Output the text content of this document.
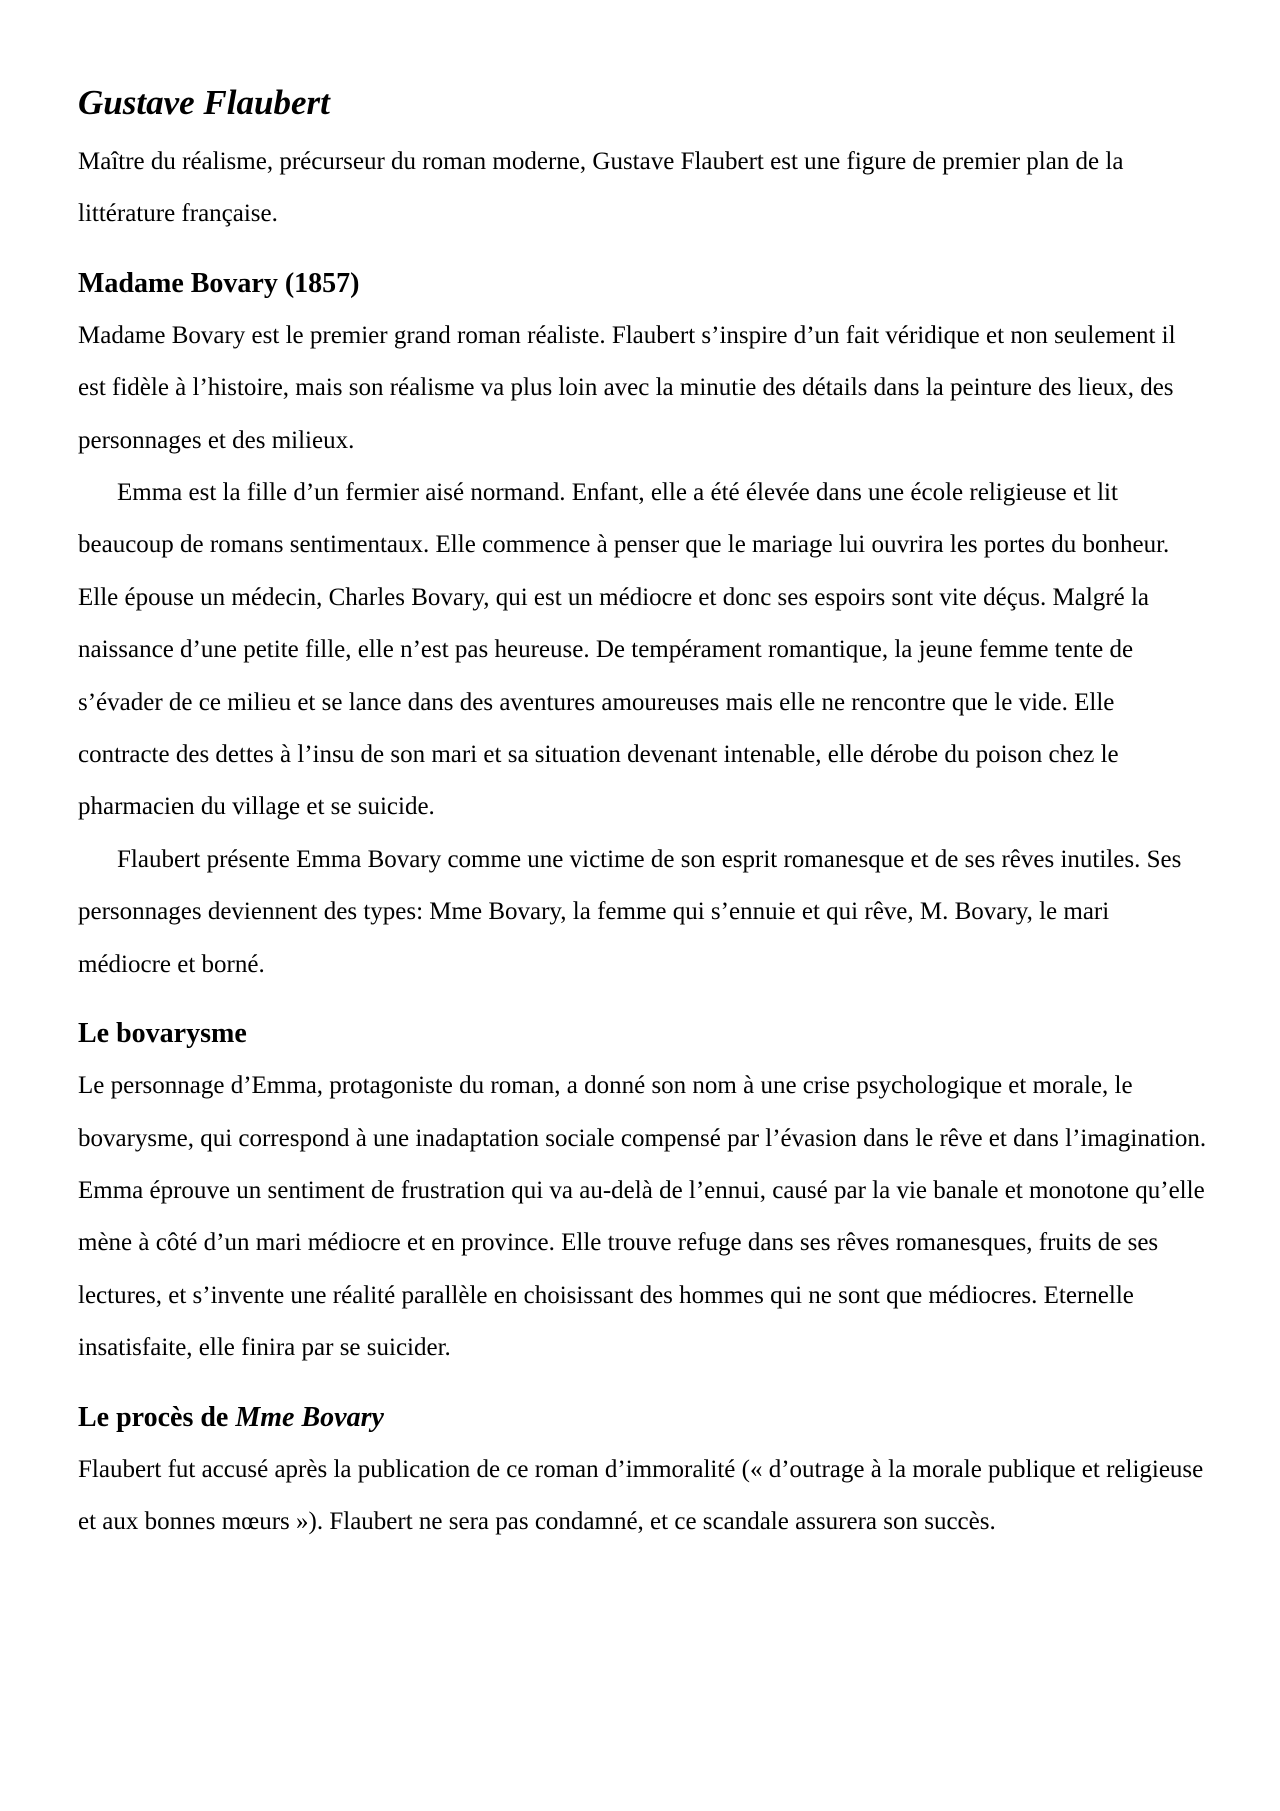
Gustave Flaubert

Maître du réalisme, précurseur du roman moderne, Gustave Flaubert est une figure de premier plan de la littérature française.

Madame Bovary (1857)

Madame Bovary est le premier grand roman réaliste. Flaubert s’inspire d’un fait véridique et non seulement il est fidèle à l’histoire, mais son réalisme va plus loin avec la minutie des détails dans la peinture des lieux, des personnages et des milieux.

Emma est la fille d’un fermier aisé normand. Enfant, elle a été élevée dans une école religieuse et lit beaucoup de romans sentimentaux. Elle commence à penser que le mariage lui ouvrira les portes du bonheur. Elle épouse un médecin, Charles Bovary, qui est un médiocre et donc ses espoirs sont vite déçus. Malgré la naissance d’une petite fille, elle n’est pas heureuse. De tempérament romantique, la jeune femme tente de s’évader de ce milieu et se lance dans des aventures amoureuses mais elle ne rencontre que le vide. Elle contracte des dettes à l’insu de son mari et sa situation devenant intenable, elle dérobe du poison chez le pharmacien du village et se suicide.

Flaubert présente Emma Bovary comme une victime de son esprit romanesque et de ses rêves inutiles. Ses personnages deviennent des types: Mme Bovary, la femme qui s’ennuie et qui rêve, M. Bovary, le mari médiocre et borné.

Le bovarysme

Le personnage d’Emma, protagoniste du roman, a donné son nom à une crise psychologique et morale, le bovarysme, qui correspond à une inadaptation sociale compensé par l’évasion dans le rêve et dans l’imagination. Emma éprouve un sentiment de frustration qui va au-delà de l’ennui, causé par la vie banale et monotone qu’elle mène à côté d’un mari médiocre et en province. Elle trouve refuge dans ses rêves romanesques, fruits de ses lectures, et s’invente une réalité parallèle en choisissant des hommes qui ne sont que médiocres. Eternelle insatisfaite, elle finira par se suicider.

Le procès de Mme Bovary

Flaubert fut accusé après la publication de ce roman d’immoralité (« d’outrage à la morale publique et religieuse et aux bonnes mœurs »). Flaubert ne sera pas condamné, et ce scandale assurera son succès.
